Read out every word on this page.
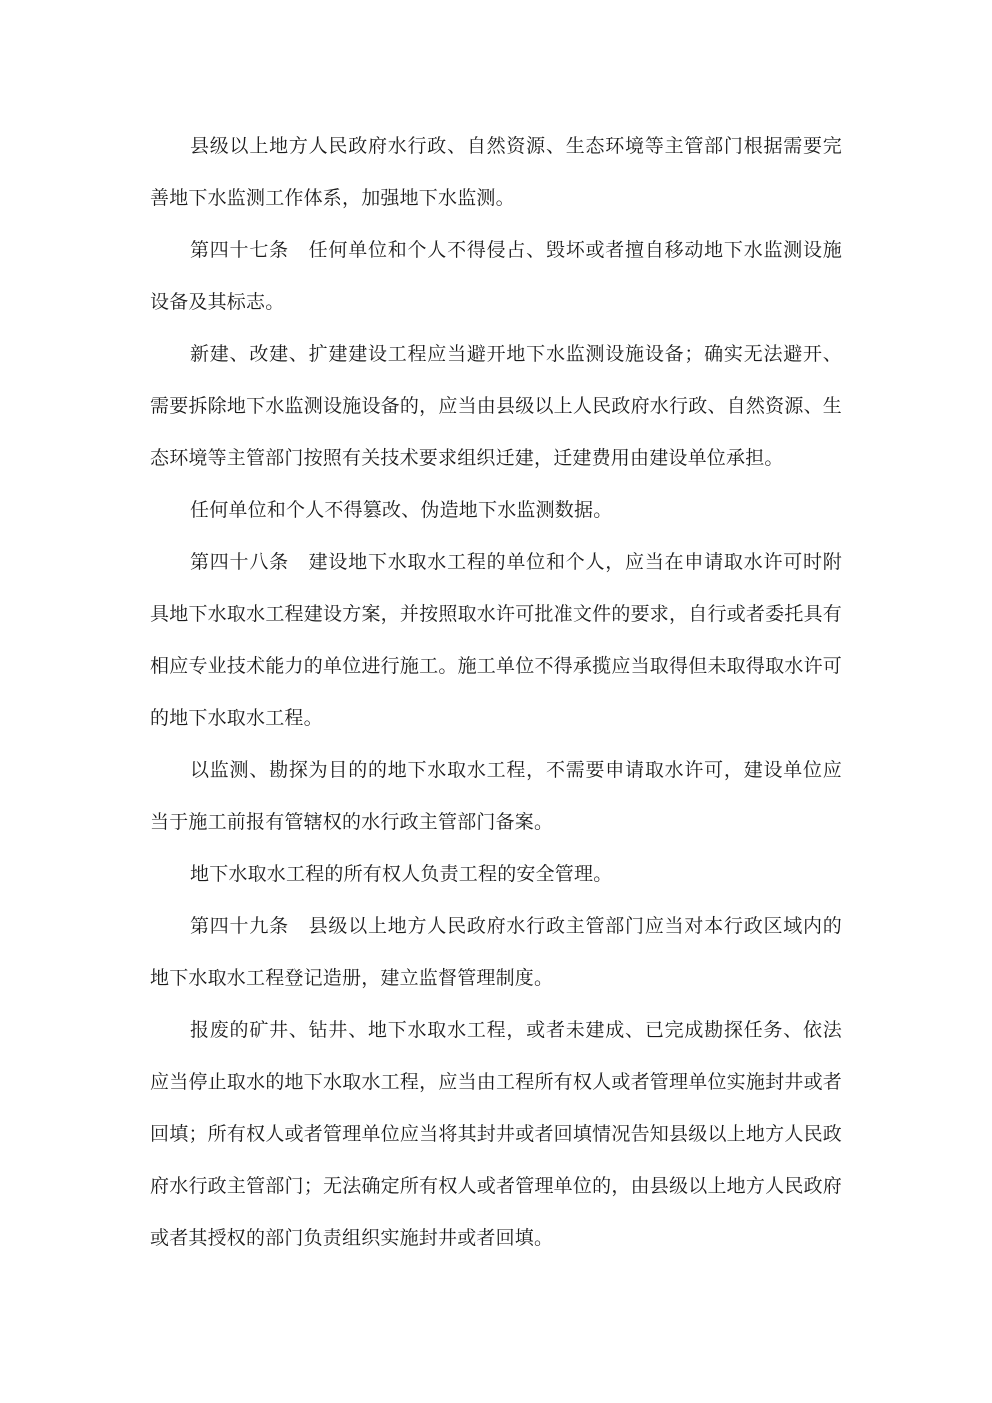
县级以上地方人民政府水行政、自然资源、生态环境等主管部门根据需要完善地下水监测工作体系，加强地下水监测。

第四十七条　任何单位和个人不得侵占、毁坏或者擅自移动地下水监测设施设备及其标志。

新建、改建、扩建建设工程应当避开地下水监测设施设备；确实无法避开、需要拆除地下水监测设施设备的，应当由县级以上人民政府水行政、自然资源、生态环境等主管部门按照有关技术要求组织迁建，迁建费用由建设单位承担。

任何单位和个人不得篡改、伪造地下水监测数据。

第四十八条　建设地下水取水工程的单位和个人，应当在申请取水许可时附具地下水取水工程建设方案，并按照取水许可批准文件的要求，自行或者委托具有相应专业技术能力的单位进行施工。施工单位不得承揽应当取得但未取得取水许可的地下水取水工程。

以监测、勘探为目的的地下水取水工程，不需要申请取水许可，建设单位应当于施工前报有管辖权的水行政主管部门备案。

地下水取水工程的所有权人负责工程的安全管理。

第四十九条　县级以上地方人民政府水行政主管部门应当对本行政区域内的地下水取水工程登记造册，建立监督管理制度。

报废的矿井、钻井、地下水取水工程，或者未建成、已完成勘探任务、依法应当停止取水的地下水取水工程，应当由工程所有权人或者管理单位实施封井或者回填；所有权人或者管理单位应当将其封井或者回填情况告知县级以上地方人民政府水行政主管部门；无法确定所有权人或者管理单位的，由县级以上地方人民政府或者其授权的部门负责组织实施封井或者回填。
